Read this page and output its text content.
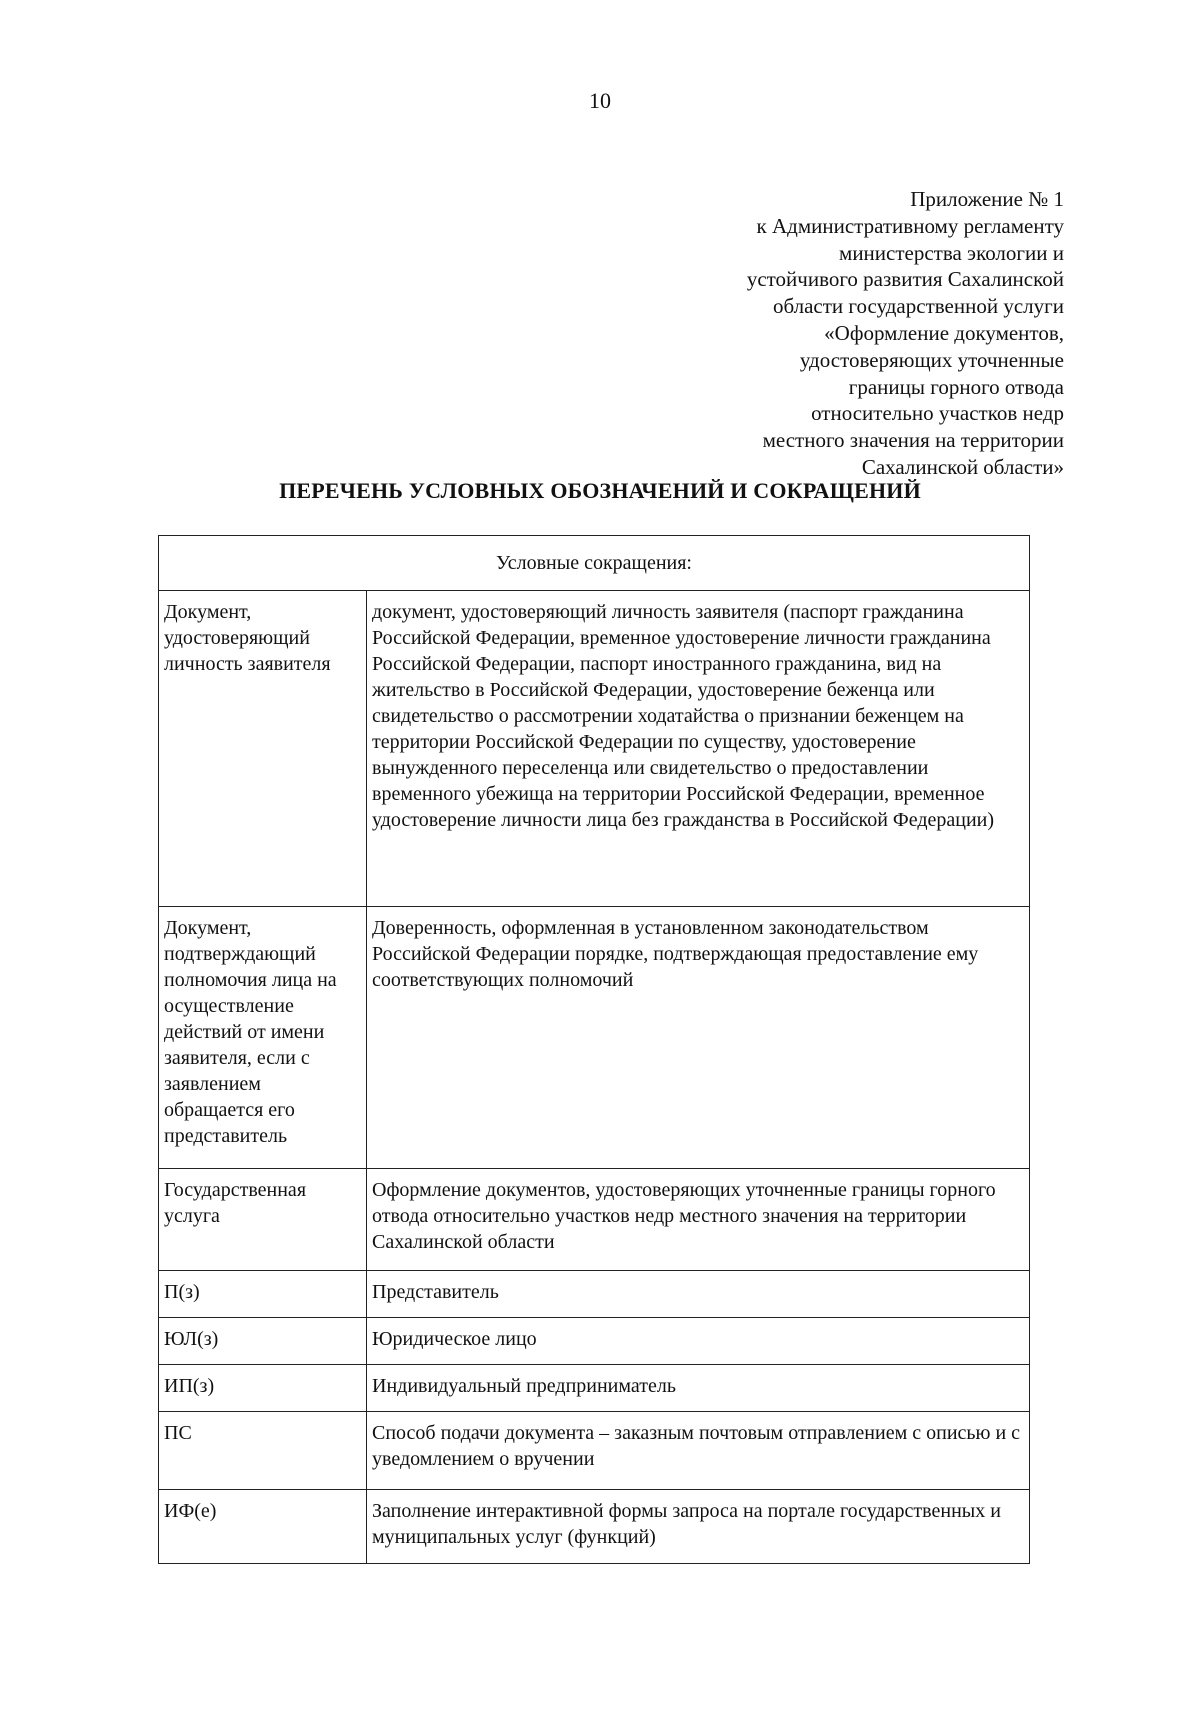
10
Приложение № 1
к Административному регламенту
министерства экологии и
устойчивого развития Сахалинской
области государственной услуги
«Оформление документов,
удостоверяющих уточненные
границы горного отвода
относительно участков недр
местного значения на территории
Сахалинской области»
ПЕРЕЧЕНЬ УСЛОВНЫХ ОБОЗНАЧЕНИЙ И СОКРАЩЕНИЙ
Условные сокращения:	
Документ, удостоверяющий личность заявителя	документ, удостоверяющий личность заявителя (паспорт гражданина Российской Федерации, временное удостоверение личности гражданина Российской Федерации, паспорт иностранного гражданина, вид на жительство в Российской Федерации, удостоверение беженца или свидетельство о рассмотрении ходатайства о признании беженцем на территории Российской Федерации по существу, удостоверение вынужденного переселенца или свидетельство о предоставлении временного убежища на территории Российской Федерации, временное удостоверение личности лица без гражданства в Российской Федерации)
Документ, подтверждающий полномочия лица на осуществление действий от имени заявителя, если с заявлением обращается его представитель	Доверенность, оформленная в установленном законодательством Российской Федерации порядке, подтверждающая предоставление ему соответствующих полномочий
Государственная услуга	Оформление документов, удостоверяющих уточненные границы горного отвода относительно участков недр местного значения на территории Сахалинской области
П(з)	Представитель
ЮЛ(з)	Юридическое лицо
ИП(з)	Индивидуальный предприниматель
ПС	Способ подачи документа – заказным почтовым отправлением с описью и с уведомлением о вручении
ИФ(е)	Заполнение интерактивной формы запроса на портале государственных и муниципальных услуг (функций)
